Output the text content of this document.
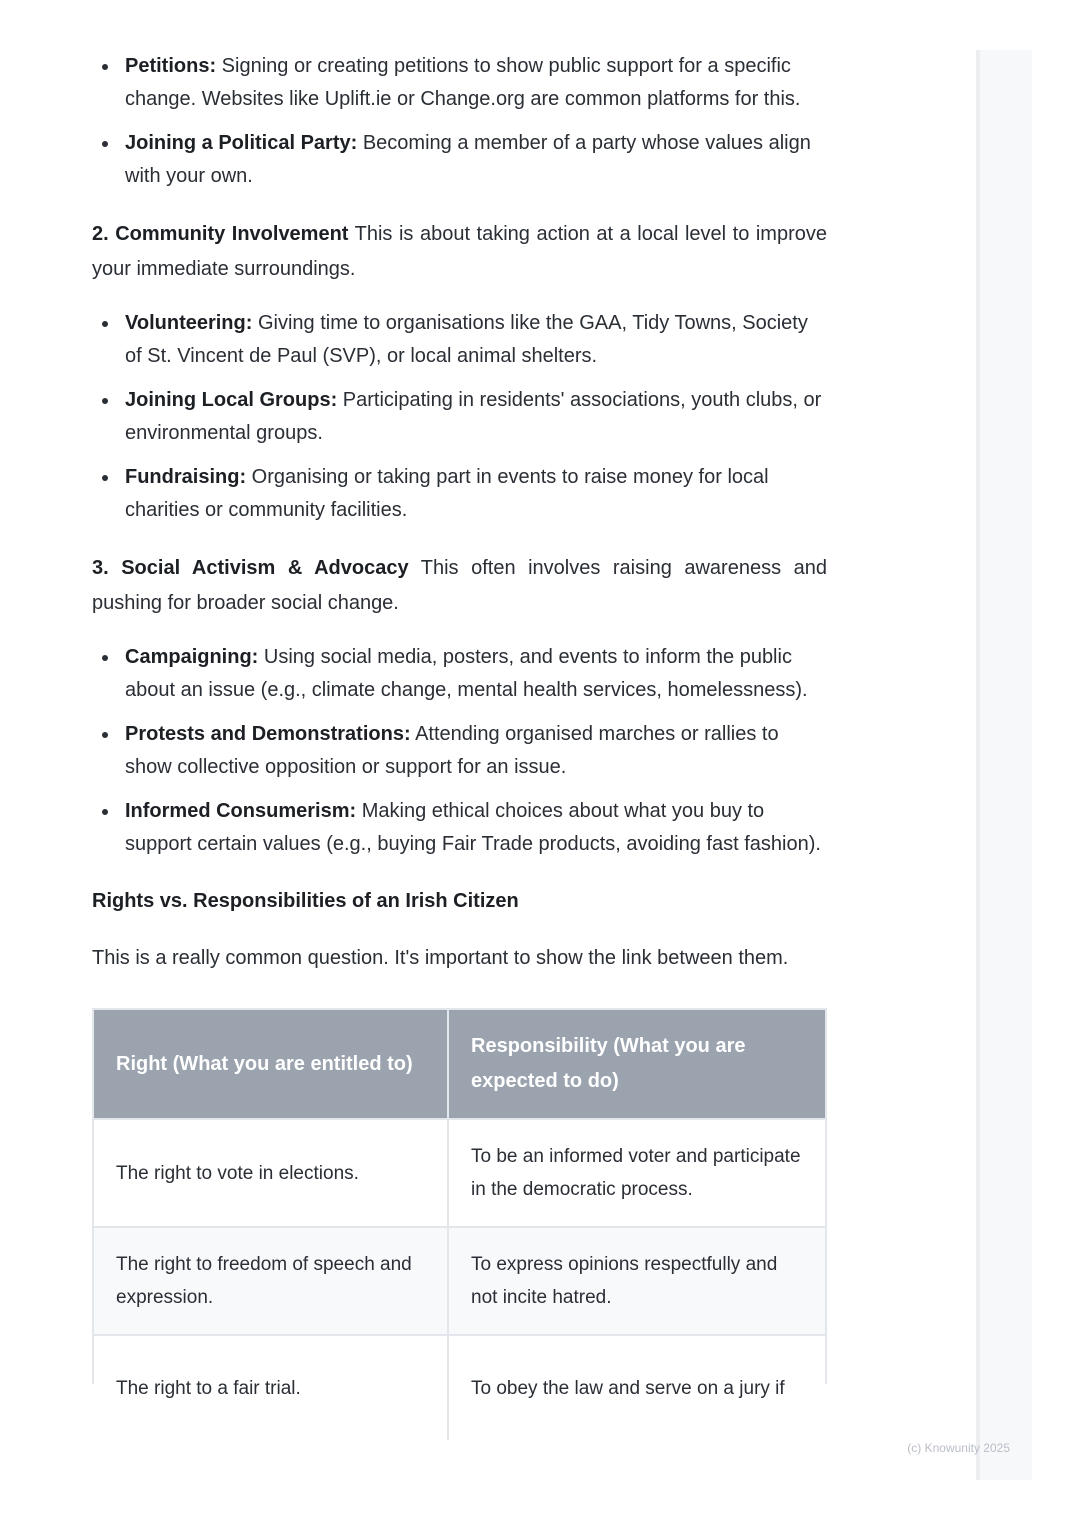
Petitions: Signing or creating petitions to show public support for a specific change. Websites like Uplift.ie or Change.org are common platforms for this.
Joining a Political Party: Becoming a member of a party whose values align with your own.

2. Community Involvement This is about taking action at a local level to improve your immediate surroundings.

Volunteering: Giving time to organisations like the GAA, Tidy Towns, Society of St. Vincent de Paul (SVP), or local animal shelters.
Joining Local Groups: Participating in residents' associations, youth clubs, or environmental groups.
Fundraising: Organising or taking part in events to raise money for local charities or community facilities.

3. Social Activism & Advocacy This often involves raising awareness and pushing for broader social change.

Campaigning: Using social media, posters, and events to inform the public about an issue (e.g., climate change, mental health services, homelessness).
Protests and Demonstrations: Attending organised marches or rallies to show collective opposition or support for an issue.
Informed Consumerism: Making ethical choices about what you buy to support certain values (e.g., buying Fair Trade products, avoiding fast fashion).
Rights vs. Responsibilities of an Irish Citizen
This is a really common question. It's important to show the link between them.
Right (What you are entitled to)	Responsibility (What you are expected to do)
The right to vote in elections.	To be an informed voter and participate in the democratic process.
The right to freedom of speech and expression.	To express opinions respectfully and not incite hatred.
The right to a fair trial.	To obey the law and serve on a jury if
(c) Knowunity 2025
